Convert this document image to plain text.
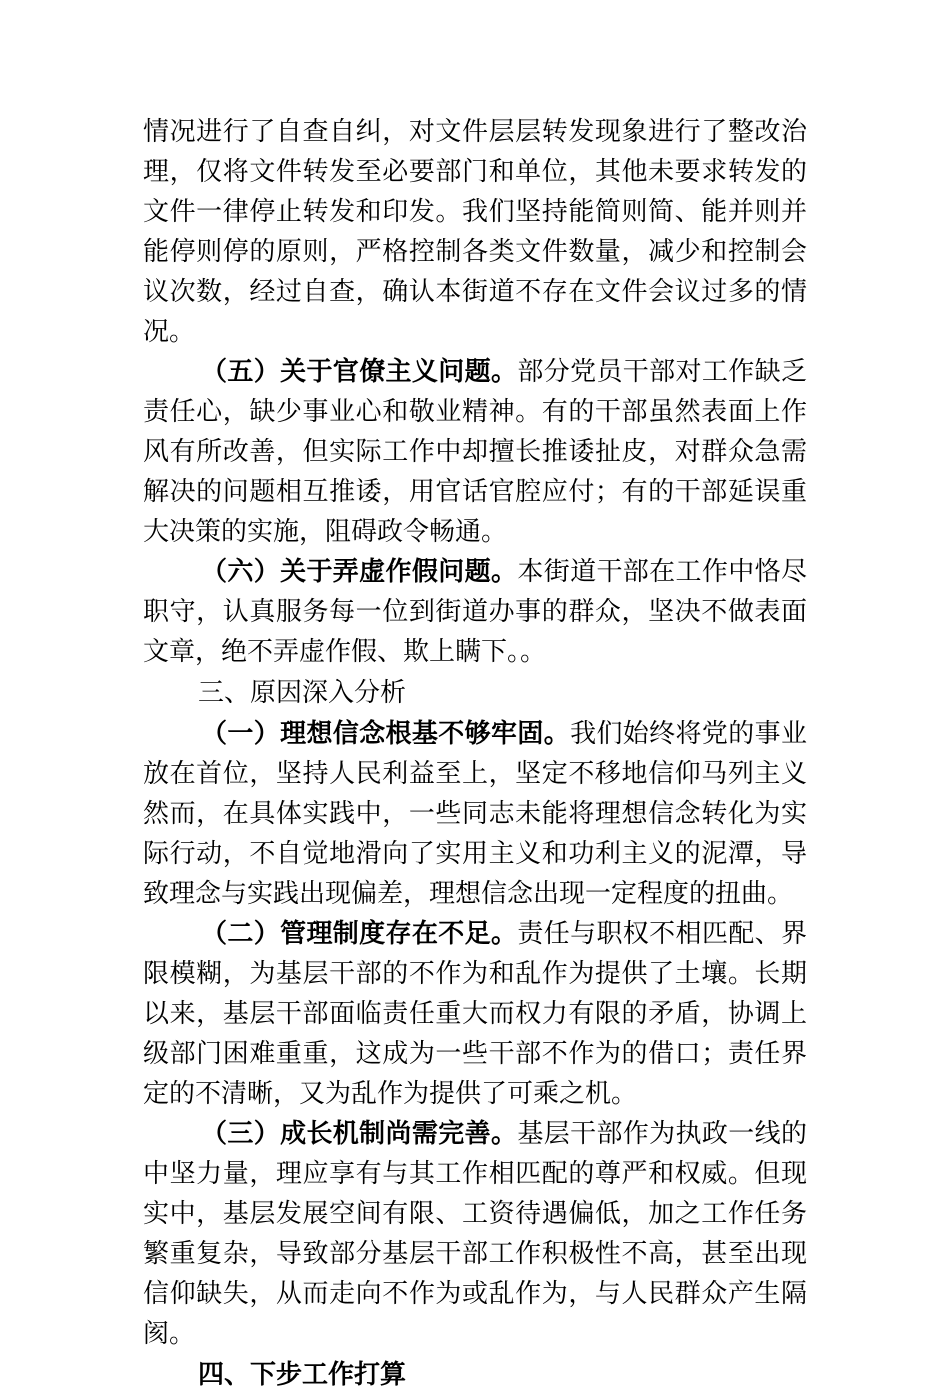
情况进行了自查自纠，对文件层层转发现象进行了整改治
理，仅将文件转发至必要部门和单位，其他未要求转发的
文件一律停止转发和印发。我们坚持能简则简、能并则并
能停则停的原则，严格控制各类文件数量，减少和控制会
议次数，经过自查，确认本街道不存在文件会议过多的情
况。
（五）关于官僚主义问题。部分党员干部对工作缺乏
责任心，缺少事业心和敬业精神。有的干部虽然表面上作
风有所改善，但实际工作中却擅长推诿扯皮，对群众急需
解决的问题相互推诿，用官话官腔应付；有的干部延误重
大决策的实施，阻碍政令畅通。
（六）关于弄虚作假问题。本街道干部在工作中恪尽
职守，认真服务每一位到街道办事的群众，坚决不做表面
文章，绝不弄虚作假、欺上瞒下。。
三、原因深入分析
（一）理想信念根基不够牢固。我们始终将党的事业
放在首位，坚持人民利益至上，坚定不移地信仰马列主义
然而，在具体实践中，一些同志未能将理想信念转化为实
际行动，不自觉地滑向了实用主义和功利主义的泥潭，导
致理念与实践出现偏差，理想信念出现一定程度的扭曲。
（二）管理制度存在不足。责任与职权不相匹配、界
限模糊，为基层干部的不作为和乱作为提供了土壤。长期
以来，基层干部面临责任重大而权力有限的矛盾，协调上
级部门困难重重，这成为一些干部不作为的借口；责任界
定的不清晰，又为乱作为提供了可乘之机。
（三）成长机制尚需完善。基层干部作为执政一线的
中坚力量，理应享有与其工作相匹配的尊严和权威。但现
实中，基层发展空间有限、工资待遇偏低，加之工作任务
繁重复杂，导致部分基层干部工作积极性不高，甚至出现
信仰缺失，从而走向不作为或乱作为，与人民群众产生隔
阂。
四、下步工作打算
